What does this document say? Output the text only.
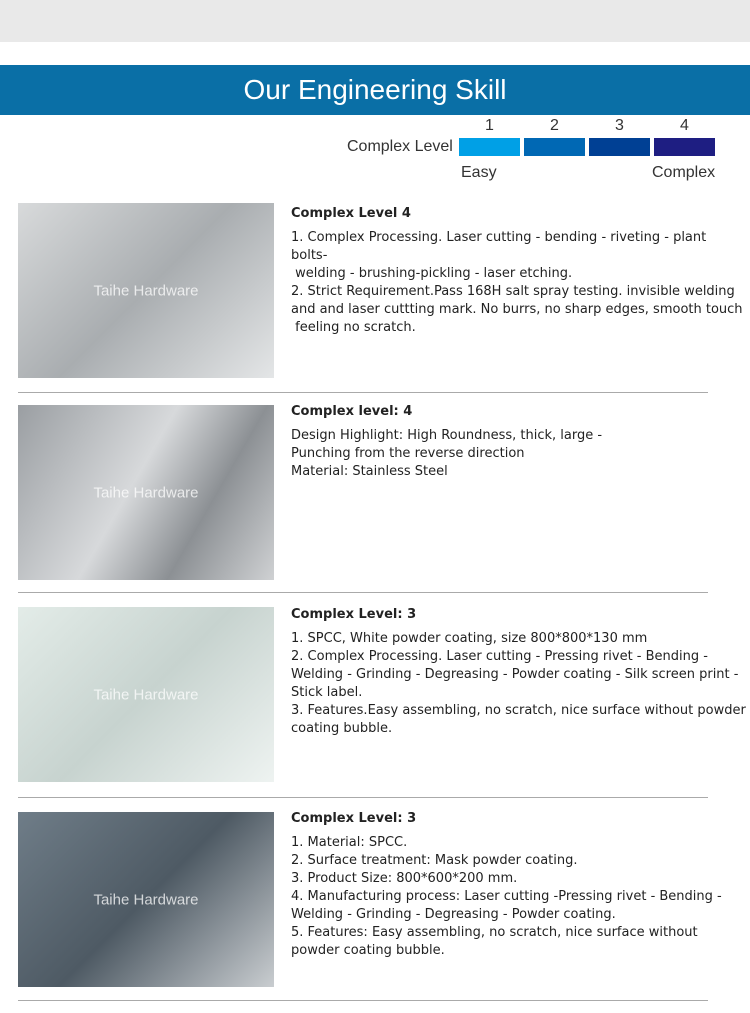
Our Engineering Skill
Complex Level
1	2	3	4
Easy	Complex
Taihe Hardware
Complex Level 4

1. Complex Processing. Laser cutting - bending - riveting - plant bolts-
welding - brushing-pickling - laser etching.

2. Strict Requirement.Pass 168H salt spray testing. invisible welding and and laser cuttting mark. No burrs, no sharp edges, smooth touch
feeling no scratch.

Taihe Hardware
Complex level: 4

Design Highlight: High Roundness, thick, large -
Punching from the reverse direction

Material: Stainless Steel

Taihe Hardware
Complex Level: 3

1. SPCC, White powder coating, size 800*800*130 mm

2. Complex Processing. Laser cutting - Pressing rivet - Bending - Welding - Grinding - Degreasing - Powder coating - Silk screen print - Stick label.

3. Features.Easy assembling, no scratch, nice surface without powder coating bubble.

Taihe Hardware
Complex Level: 3

1. Material: SPCC.

2. Surface treatment: Mask powder coating.

3. Product Size: 800*600*200 mm.

4. Manufacturing process: Laser cutting -Pressing rivet - Bending - Welding - Grinding - Degreasing - Powder coating.

5. Features: Easy assembling, no scratch, nice surface without powder coating bubble.
